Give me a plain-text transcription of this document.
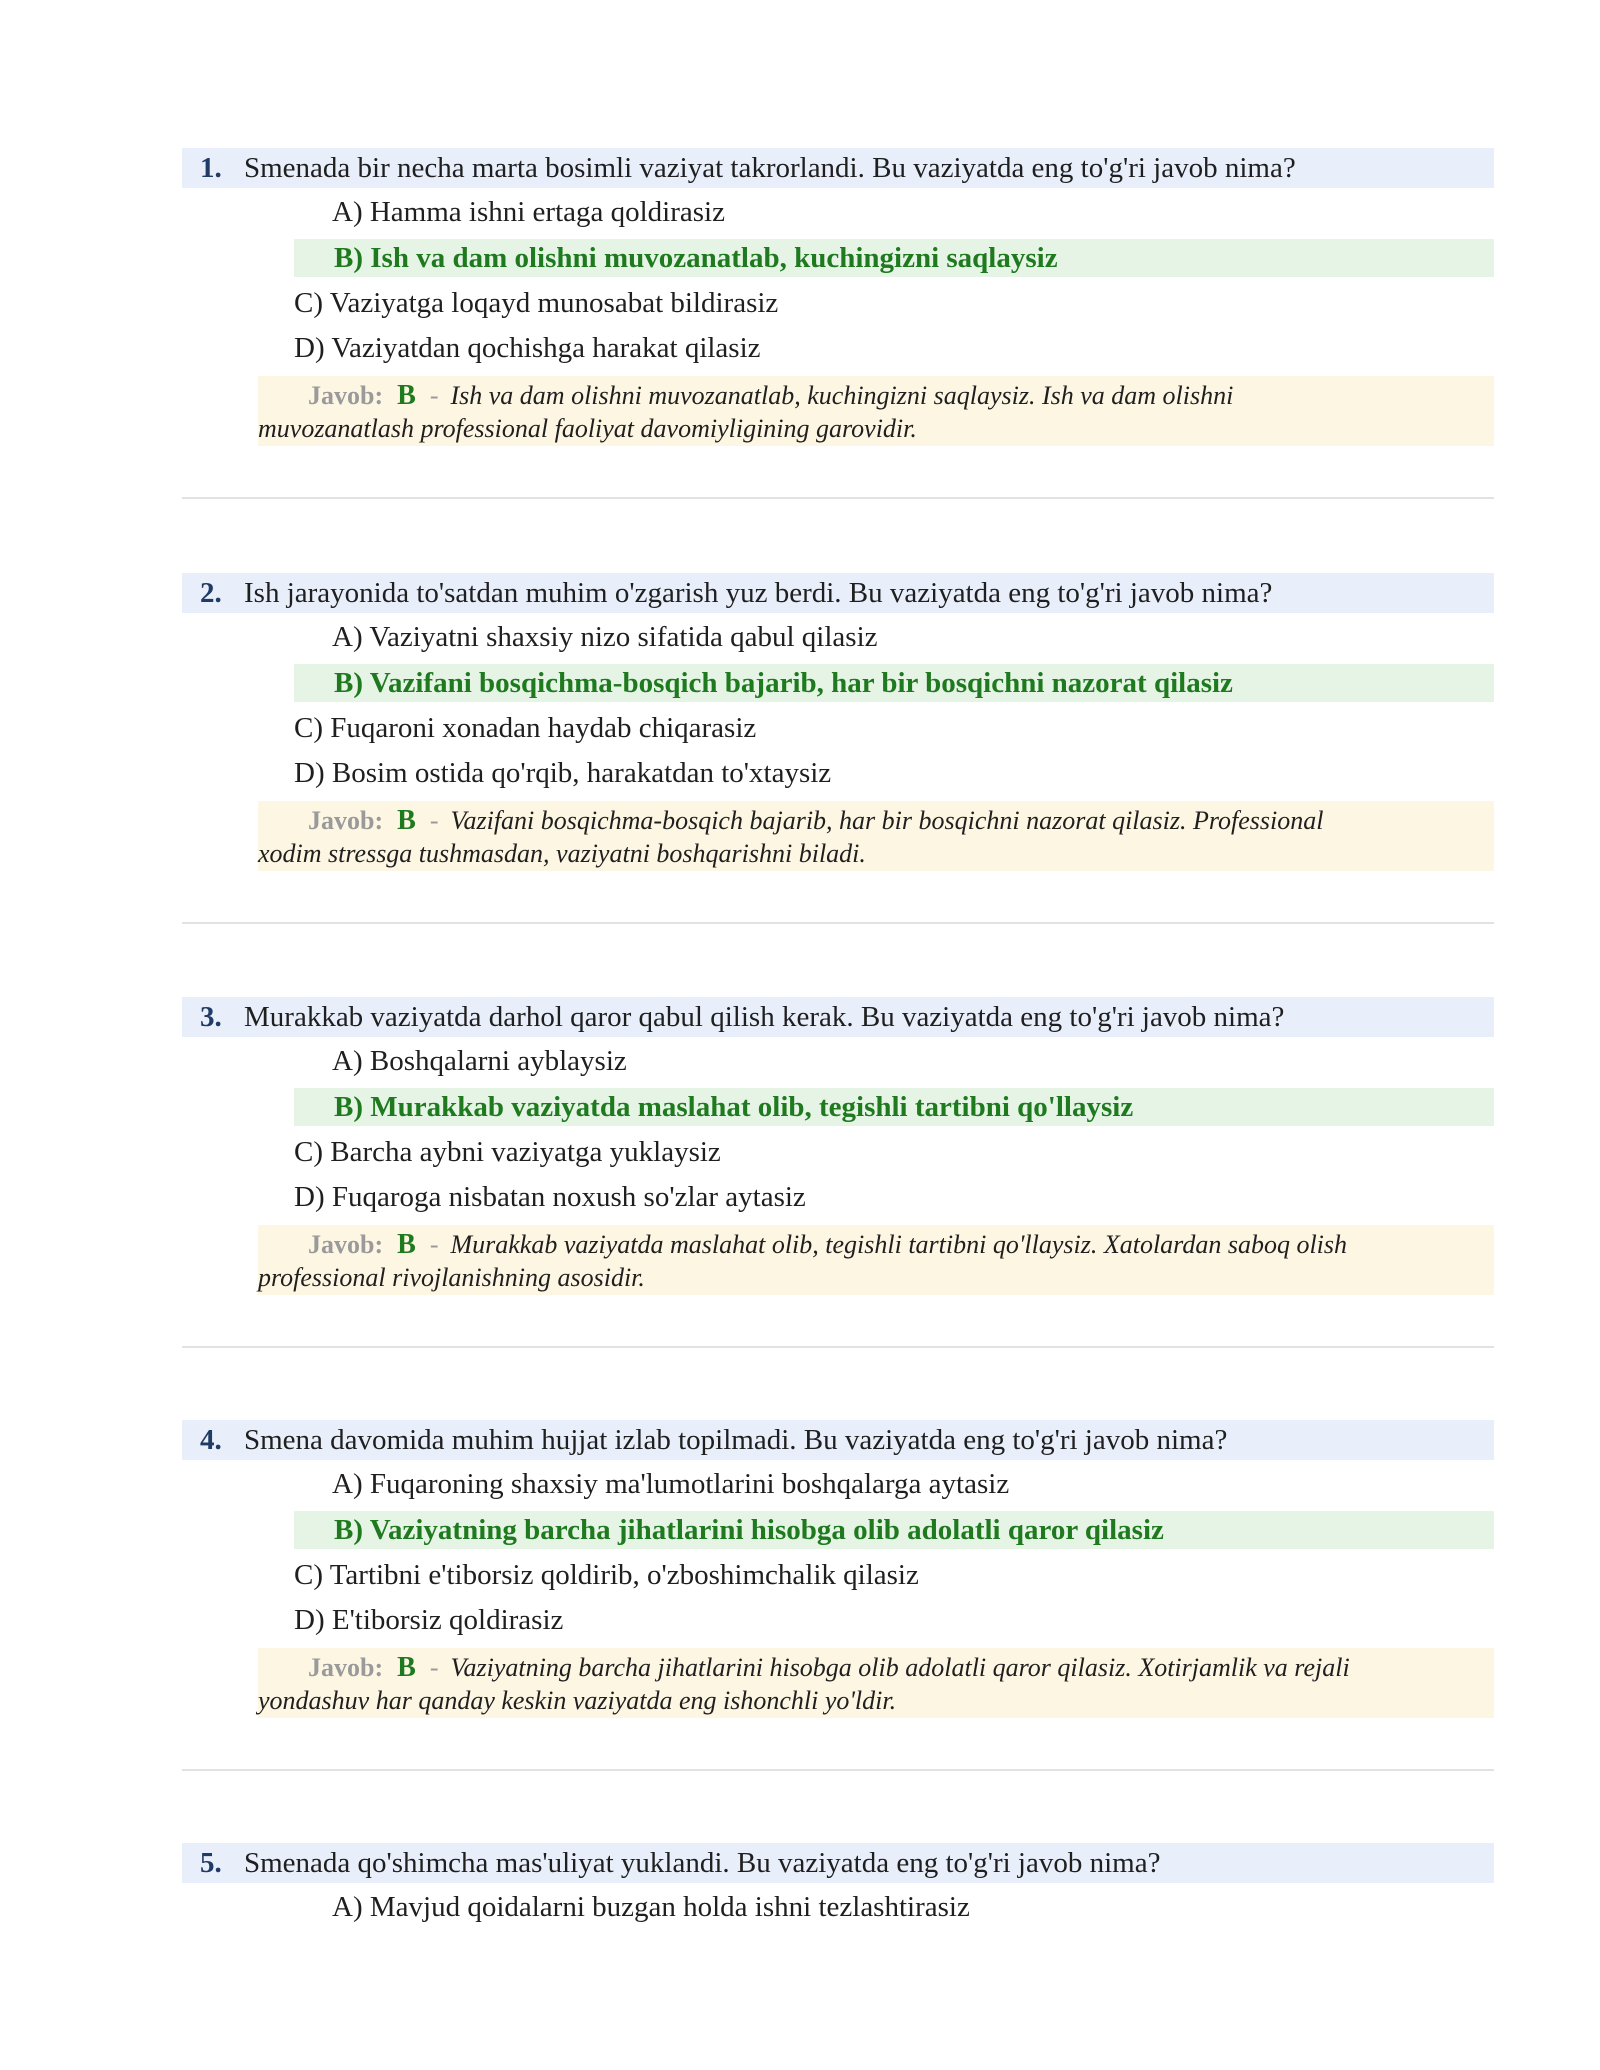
1. Smenada bir necha marta bosimli vaziyat takrorlandi. Bu vaziyatda eng to'g'ri javob nima?
A) Hamma ishni ertaga qoldirasiz
B) Ish va dam olishni muvozanatlab, kuchingizni saqlaysiz
C) Vaziyatga loqayd munosabat bildirasiz
D) Vaziyatdan qochishga harakat qilasiz
Javob: B - Ish va dam olishni muvozanatlab, kuchingizni saqlaysiz. Ish va dam olishni
muvozanatlash professional faoliyat davomiyligining garovidir.
2. Ish jarayonida to'satdan muhim o'zgarish yuz berdi. Bu vaziyatda eng to'g'ri javob nima?
A) Vaziyatni shaxsiy nizo sifatida qabul qilasiz
B) Vazifani bosqichma-bosqich bajarib, har bir bosqichni nazorat qilasiz
C) Fuqaroni xonadan haydab chiqarasiz
D) Bosim ostida qo'rqib, harakatdan to'xtaysiz
Javob: B - Vazifani bosqichma-bosqich bajarib, har bir bosqichni nazorat qilasiz. Professional
xodim stressga tushmasdan, vaziyatni boshqarishni biladi.
3. Murakkab vaziyatda darhol qaror qabul qilish kerak. Bu vaziyatda eng to'g'ri javob nima?
A) Boshqalarni ayblaysiz
B) Murakkab vaziyatda maslahat olib, tegishli tartibni qo'llaysiz
C) Barcha aybni vaziyatga yuklaysiz
D) Fuqaroga nisbatan noxush so'zlar aytasiz
Javob: B - Murakkab vaziyatda maslahat olib, tegishli tartibni qo'llaysiz. Xatolardan saboq olish
professional rivojlanishning asosidir.
4. Smena davomida muhim hujjat izlab topilmadi. Bu vaziyatda eng to'g'ri javob nima?
A) Fuqaroning shaxsiy ma'lumotlarini boshqalarga aytasiz
B) Vaziyatning barcha jihatlarini hisobga olib adolatli qaror qilasiz
C) Tartibni e'tiborsiz qoldirib, o'zboshimchalik qilasiz
D) E'tiborsiz qoldirasiz
Javob: B - Vaziyatning barcha jihatlarini hisobga olib adolatli qaror qilasiz. Xotirjamlik va rejali
yondashuv har qanday keskin vaziyatda eng ishonchli yo'ldir.
5. Smenada qo'shimcha mas'uliyat yuklandi. Bu vaziyatda eng to'g'ri javob nima?
A) Mavjud qoidalarni buzgan holda ishni tezlashtirasiz
